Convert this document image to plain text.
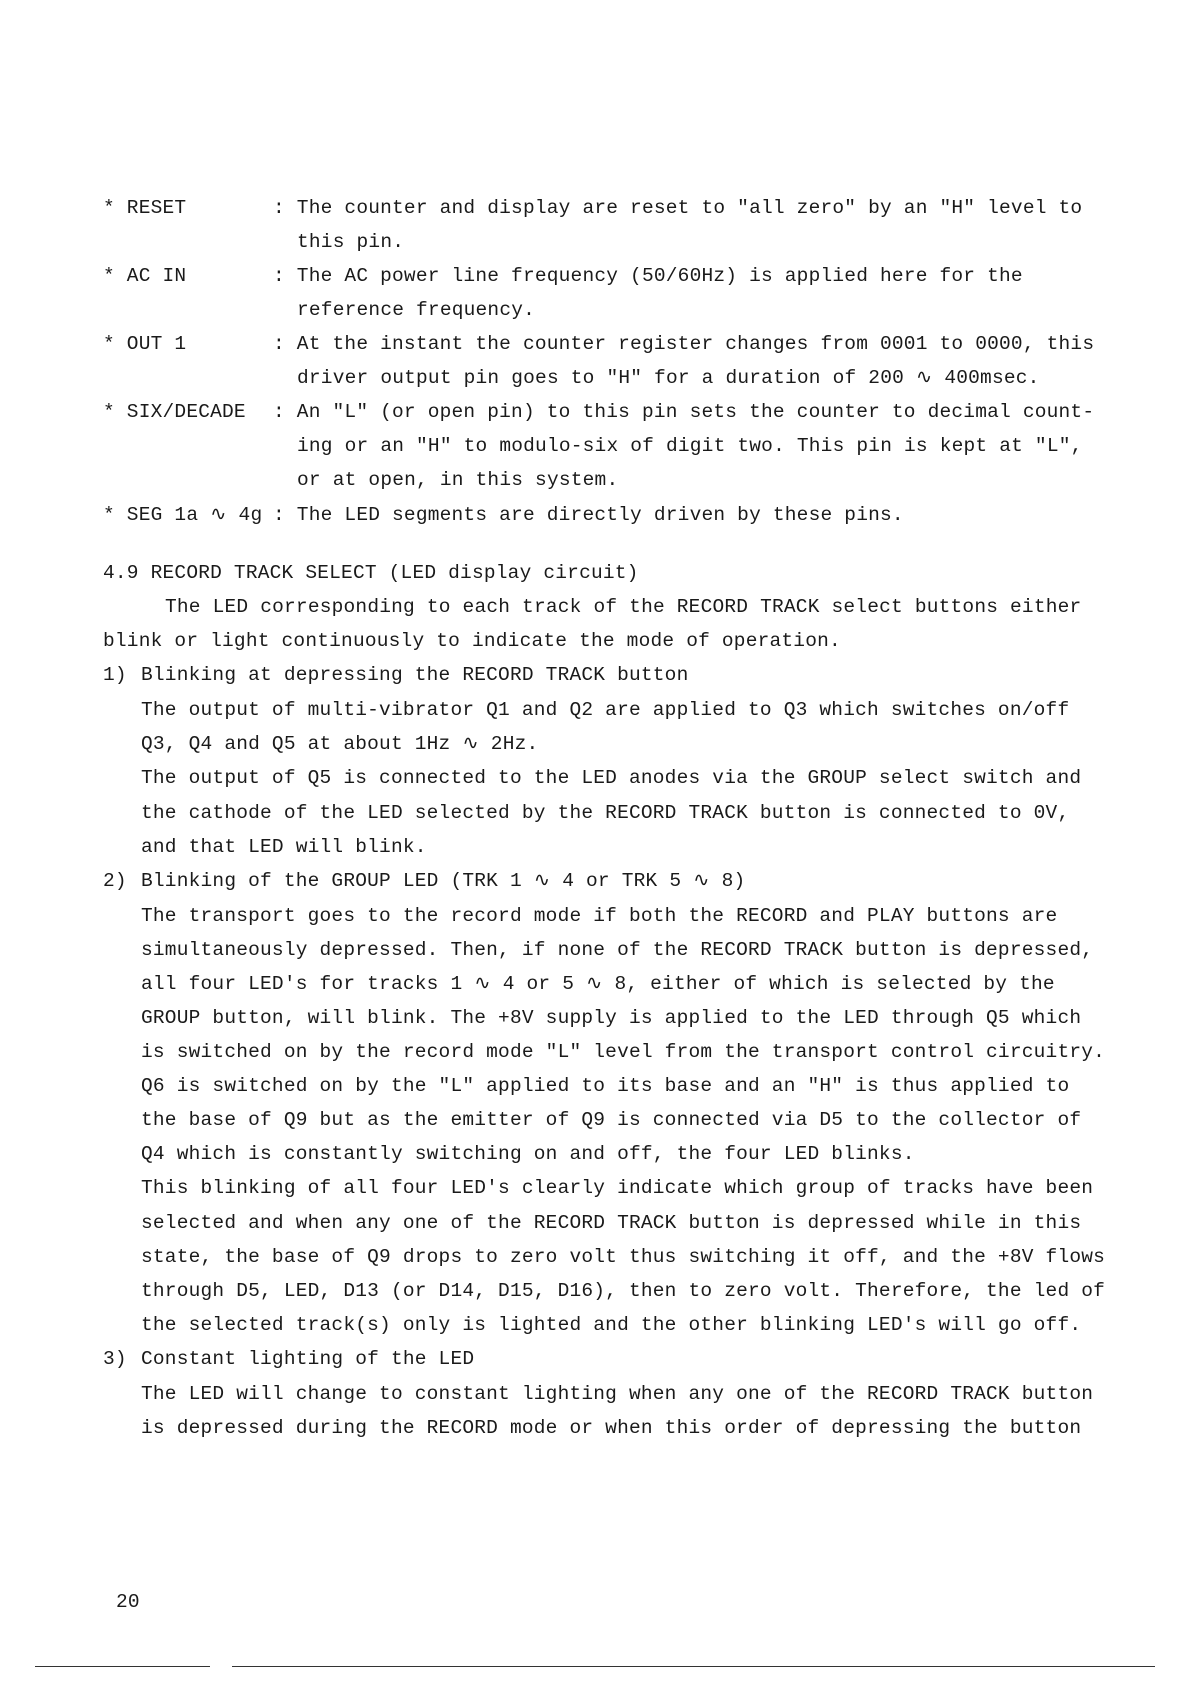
* RESET	: The counter and display are reset to "all zero" by an "H" level to
this pin.
* AC IN	: The AC power line frequency (50/60Hz) is applied here for the
reference frequency.
* OUT 1	: At the instant the counter register changes from 0001 to 0000, this
driver output pin goes to "H" for a duration of 200 ∿ 400msec.
* SIX/DECADE : An "L" (or open pin) to this pin sets the counter to decimal count-
ing or an "H" to modulo-six of digit two. This pin is kept at "L",
or at open, in this system.
* SEG 1a ∿ 4g : The LED segments are directly driven by these pins.
4.9 RECORD TRACK SELECT (LED display circuit)
The LED corresponding to each track of the RECORD TRACK select buttons either
blink or light continuously to indicate the mode of operation.
1) Blinking at depressing the RECORD TRACK button
The output of multi-vibrator Q1 and Q2 are applied to Q3 which switches on/off
Q3, Q4 and Q5 at about 1Hz ∿ 2Hz.
The output of Q5 is connected to the LED anodes via the GROUP select switch and
the cathode of the LED selected by the RECORD TRACK button is connected to 0V,
and that LED will blink.
2) Blinking of the GROUP LED (TRK 1 ∿ 4 or TRK 5 ∿ 8)
The transport goes to the record mode if both the RECORD and PLAY buttons are
simultaneously depressed. Then, if none of the RECORD TRACK button is depressed,
all four LED's for tracks 1 ∿ 4 or 5 ∿ 8, either of which is selected by the
GROUP button, will blink. The +8V supply is applied to the LED through Q5 which
is switched on by the record mode "L" level from the transport control circuitry.
Q6 is switched on by the "L" applied to its base and an "H" is thus applied to
the base of Q9 but as the emitter of Q9 is connected via D5 to the collector of
Q4 which is constantly switching on and off, the four LED blinks.
This blinking of all four LED's clearly indicate which group of tracks have been
selected and when any one of the RECORD TRACK button is depressed while in this
state, the base of Q9 drops to zero volt thus switching it off, and the +8V flows
through D5, LED, D13 (or D14, D15, D16), then to zero volt. Therefore, the led of
the selected track(s) only is lighted and the other blinking LED's will go off.
3) Constant lighting of the LED
The LED will change to constant lighting when any one of the RECORD TRACK button
is depressed during the RECORD mode or when this order of depressing the button
20
